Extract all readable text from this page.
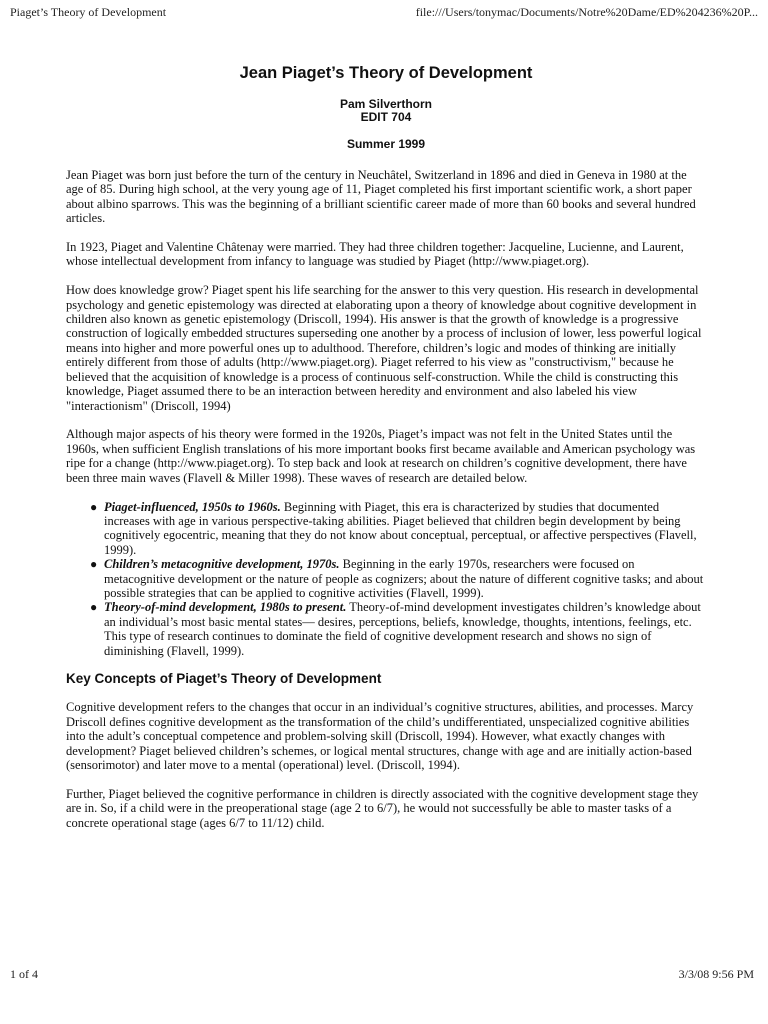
Piaget’s Theory of Development	file:///Users/tonymac/Documents/Notre%20Dame/ED%204236%20P...
Jean Piaget’s Theory of Development
Pam Silverthorn
EDIT 704
Summer 1999

Jean Piaget was born just before the turn of the century in Neuchâtel, Switzerland in 1896 and died in Geneva in 1980 at the age of 85. During high school, at the very young age of 11, Piaget completed his first important scientific work, a short paper about albino sparrows. This was the beginning of a brilliant scientific career made of more than 60 books and several hundred articles.

In 1923, Piaget and Valentine Châtenay were married. They had three children together: Jacqueline, Lucienne, and Laurent, whose intellectual development from infancy to language was studied by Piaget (http://www.piaget.org).

How does knowledge grow? Piaget spent his life searching for the answer to this very question. His research in developmental psychology and genetic epistemology was directed at elaborating upon a theory of knowledge about cognitive development in children also known as genetic epistemology (Driscoll, 1994). His answer is that the growth of knowledge is a progressive construction of logically embedded structures superseding one another by a process of inclusion of lower, less powerful logical means into higher and more powerful ones up to adulthood. Therefore, children’s logic and modes of thinking are initially entirely different from those of adults (http://www.piaget.org). Piaget referred to his view as "constructivism," because he believed that the acquisition of knowledge is a process of continuous self-construction. While the child is constructing this knowledge, Piaget assumed there to be an interaction between heredity and environment and also labeled his view "interactionism" (Driscoll, 1994)

Although major aspects of his theory were formed in the 1920s, Piaget’s impact was not felt in the United States until the 1960s, when sufficient English translations of his more important books first became available and American psychology was ripe for a change (http://www.piaget.org). To step back and look at research on children’s cognitive development, there have been three main waves (Flavell & Miller 1998). These waves of research are detailed below.

● Piaget-influenced, 1950s to 1960s. Beginning with Piaget, this era is characterized by studies that documented increases with age in various perspective-taking abilities. Piaget believed that children begin development by being cognitively egocentric, meaning that they do not know about conceptual, perceptual, or affective perspectives (Flavell, 1999).
● Children’s metacognitive development, 1970s. Beginning in the early 1970s, researchers were focused on metacognitive development or the nature of people as cognizers; about the nature of different cognitive tasks; and about possible strategies that can be applied to cognitive activities (Flavell, 1999).
● Theory-of-mind development, 1980s to present. Theory-of-mind development investigates children’s knowledge about an individual’s most basic mental states— desires, perceptions, beliefs, knowledge, thoughts, intentions, feelings, etc. This type of research continues to dominate the field of cognitive development research and shows no sign of diminishing (Flavell, 1999).
Key Concepts of Piaget’s Theory of Development

Cognitive development refers to the changes that occur in an individual’s cognitive structures, abilities, and processes. Marcy Driscoll defines cognitive development as the transformation of the child’s undifferentiated, unspecialized cognitive abilities into the adult’s conceptual competence and problem-solving skill (Driscoll, 1994). However, what exactly changes with development? Piaget believed children’s schemes, or logical mental structures, change with age and are initially action-based (sensorimotor) and later move to a mental (operational) level. (Driscoll, 1994).

Further, Piaget believed the cognitive performance in children is directly associated with the cognitive development stage they are in. So, if a child were in the preoperational stage (age 2 to 6/7), he would not successfully be able to master tasks of a concrete operational stage (ages 6/7 to 11/12) child.

1 of 4	3/3/08 9:56 PM
